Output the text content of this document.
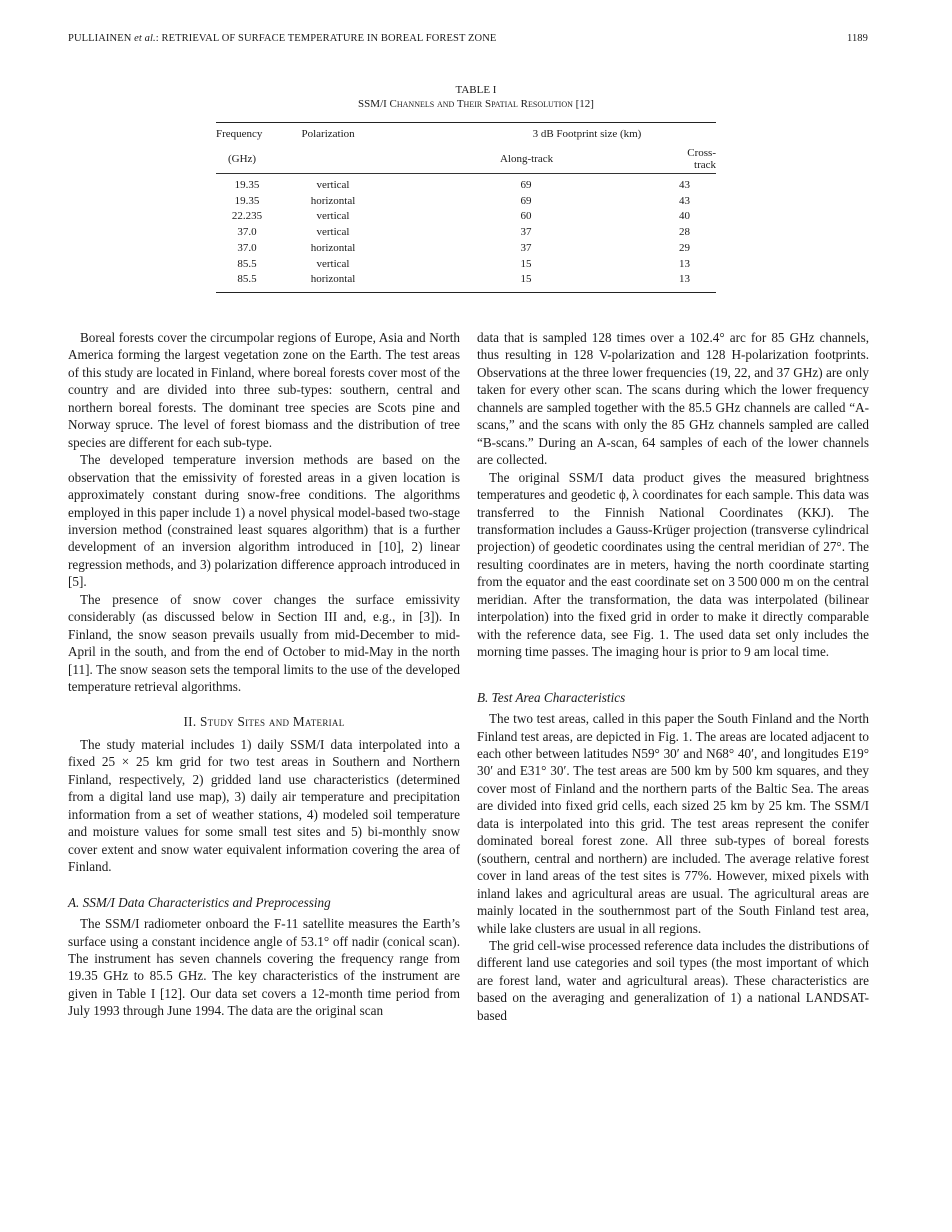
PULLIAINEN et al.: RETRIEVAL OF SURFACE TEMPERATURE IN BOREAL FOREST ZONE	1189
TABLE I
SSM/I Channels and Their Spatial Resolution [12]
Frequency	Polarization	3 dB Footprint size (km)	
(GHz)		Along-track	Cross-track
19.35	vertical	69	43
19.35	horizontal	69	43
22.235	vertical	60	40
37.0	vertical	37	28
37.0	horizontal	37	29
85.5	vertical	15	13
85.5	horizontal	15	13

Boreal forests cover the circumpolar regions of Europe, Asia and North America forming the largest vegetation zone on the Earth. The test areas of this study are located in Finland, where boreal forests cover most of the country and are divided into three sub-types: southern, central and northern boreal forests. The dominant tree species are Scots pine and Norway spruce. The level of forest biomass and the distribution of tree species are different for each sub-type.

The developed temperature inversion methods are based on the observation that the emissivity of forested areas in a given location is approximately constant during snow-free conditions. The algorithms employed in this paper include 1) a novel physical model-based two-stage inversion method (constrained least squares algorithm) that is a further development of an inversion algorithm introduced in [10], 2) linear regression methods, and 3) polarization difference approach introduced in [5].

The presence of snow cover changes the surface emissivity considerably (as discussed below in Section III and, e.g., in [3]). In Finland, the snow season prevails usually from mid-December to mid-April in the south, and from the end of October to mid-May in the north [11]. The snow season sets the temporal limits to the use of the developed temperature retrieval algorithms.

II. Study Sites and Material

The study material includes 1) daily SSM/I data interpolated into a fixed 25 × 25 km grid for two test areas in Southern and Northern Finland, respectively, 2) gridded land use characteristics (determined from a digital land use map), 3) daily air temperature and precipitation information from a set of weather stations, 4) modeled soil temperature and moisture values for some small test sites and 5) bi-monthly snow cover extent and snow water equivalent information covering the area of Finland.

A. SSM/I Data Characteristics and Preprocessing

The SSM/I radiometer onboard the F-11 satellite measures the Earth’s surface using a constant incidence angle of 53.1° off nadir (conical scan). The instrument has seven channels covering the frequency range from 19.35 GHz to 85.5 GHz. The key characteristics of the instrument are given in Table I [12]. Our data set covers a 12-month time period from July 1993 through June 1994. The data are the original scan

data that is sampled 128 times over a 102.4° arc for 85 GHz channels, thus resulting in 128 V-polarization and 128 H-polarization footprints. Observations at the three lower frequencies (19, 22, and 37 GHz) are only taken for every other scan. The scans during which the lower frequency channels are sampled together with the 85.5 GHz channels are called “A-scans,” and the scans with only the 85 GHz channels sampled are called “B-scans.” During an A-scan, 64 samples of each of the lower channels are collected.

The original SSM/I data product gives the measured brightness temperatures and geodetic ϕ, λ coordinates for each sample. This data was transferred to the Finnish National Coordinates (KKJ). The transformation includes a Gauss-Krüger projection (transverse cylindrical projection) of geodetic coordinates using the central meridian of 27°. The resulting coordinates are in meters, having the north coordinate starting from the equator and the east coordinate set on 3 500 000 m on the central meridian. After the transformation, the data was interpolated (bilinear interpolation) into the fixed grid in order to make it directly comparable with the reference data, see Fig. 1. The used data set only includes the morning time passes. The imaging hour is prior to 9 am local time.

B. Test Area Characteristics

The two test areas, called in this paper the South Finland and the North Finland test areas, are depicted in Fig. 1. The areas are located adjacent to each other between latitudes N59° 30′ and N68° 40′, and longitudes E19° 30′ and E31° 30′. The test areas are 500 km by 500 km squares, and they cover most of Finland and the northern parts of the Baltic Sea. The areas are divided into fixed grid cells, each sized 25 km by 25 km. The SSM/I data is interpolated into this grid. The test areas represent the conifer dominated boreal forest zone. All three sub-types of boreal forests (southern, central and northern) are included. The average relative forest cover in land areas of the test sites is 77%. However, mixed pixels with inland lakes and agricultural areas are usual. The agricultural areas are mainly located in the southernmost part of the South Finland test area, while lake clusters are usual in all regions.

The grid cell-wise processed reference data includes the distributions of different land use categories and soil types (the most important of which are forest land, water and agricultural areas). These characteristics are based on the averaging and generalization of 1) a national LANDSAT-based
